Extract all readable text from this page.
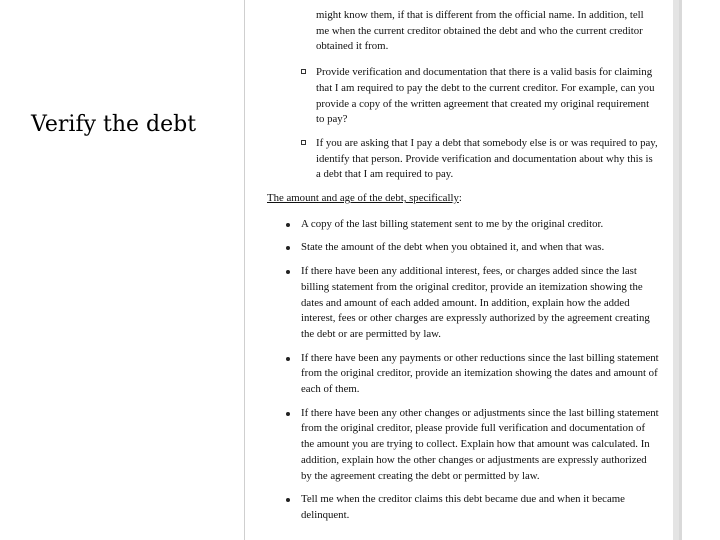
Verify the debt
might know them, if that is different from the official name. In addition, tell me when the current creditor obtained the debt and who the current creditor obtained it from.
Provide verification and documentation that there is a valid basis for claiming that I am required to pay the debt to the current creditor. For example, can you provide a copy of the written agreement that created my original requirement to pay?
If you are asking that I pay a debt that somebody else is or was required to pay, identify that person. Provide verification and documentation about why this is a debt that I am required to pay.
The amount and age of the debt, specifically:
A copy of the last billing statement sent to me by the original creditor.
State the amount of the debt when you obtained it, and when that was.
If there have been any additional interest, fees, or charges added since the last billing statement from the original creditor, provide an itemization showing the dates and amount of each added amount. In addition, explain how the added interest, fees or other charges are expressly authorized by the agreement creating the debt or are permitted by law.
If there have been any payments or other reductions since the last billing statement from the original creditor, provide an itemization showing the dates and amount of each of them.
If there have been any other changes or adjustments since the last billing statement from the original creditor, please provide full verification and documentation of the amount you are trying to collect. Explain how that amount was calculated. In addition, explain how the other changes or adjustments are expressly authorized by the agreement creating the debt or permitted by law.
Tell me when the creditor claims this debt became due and when it became delinquent.
